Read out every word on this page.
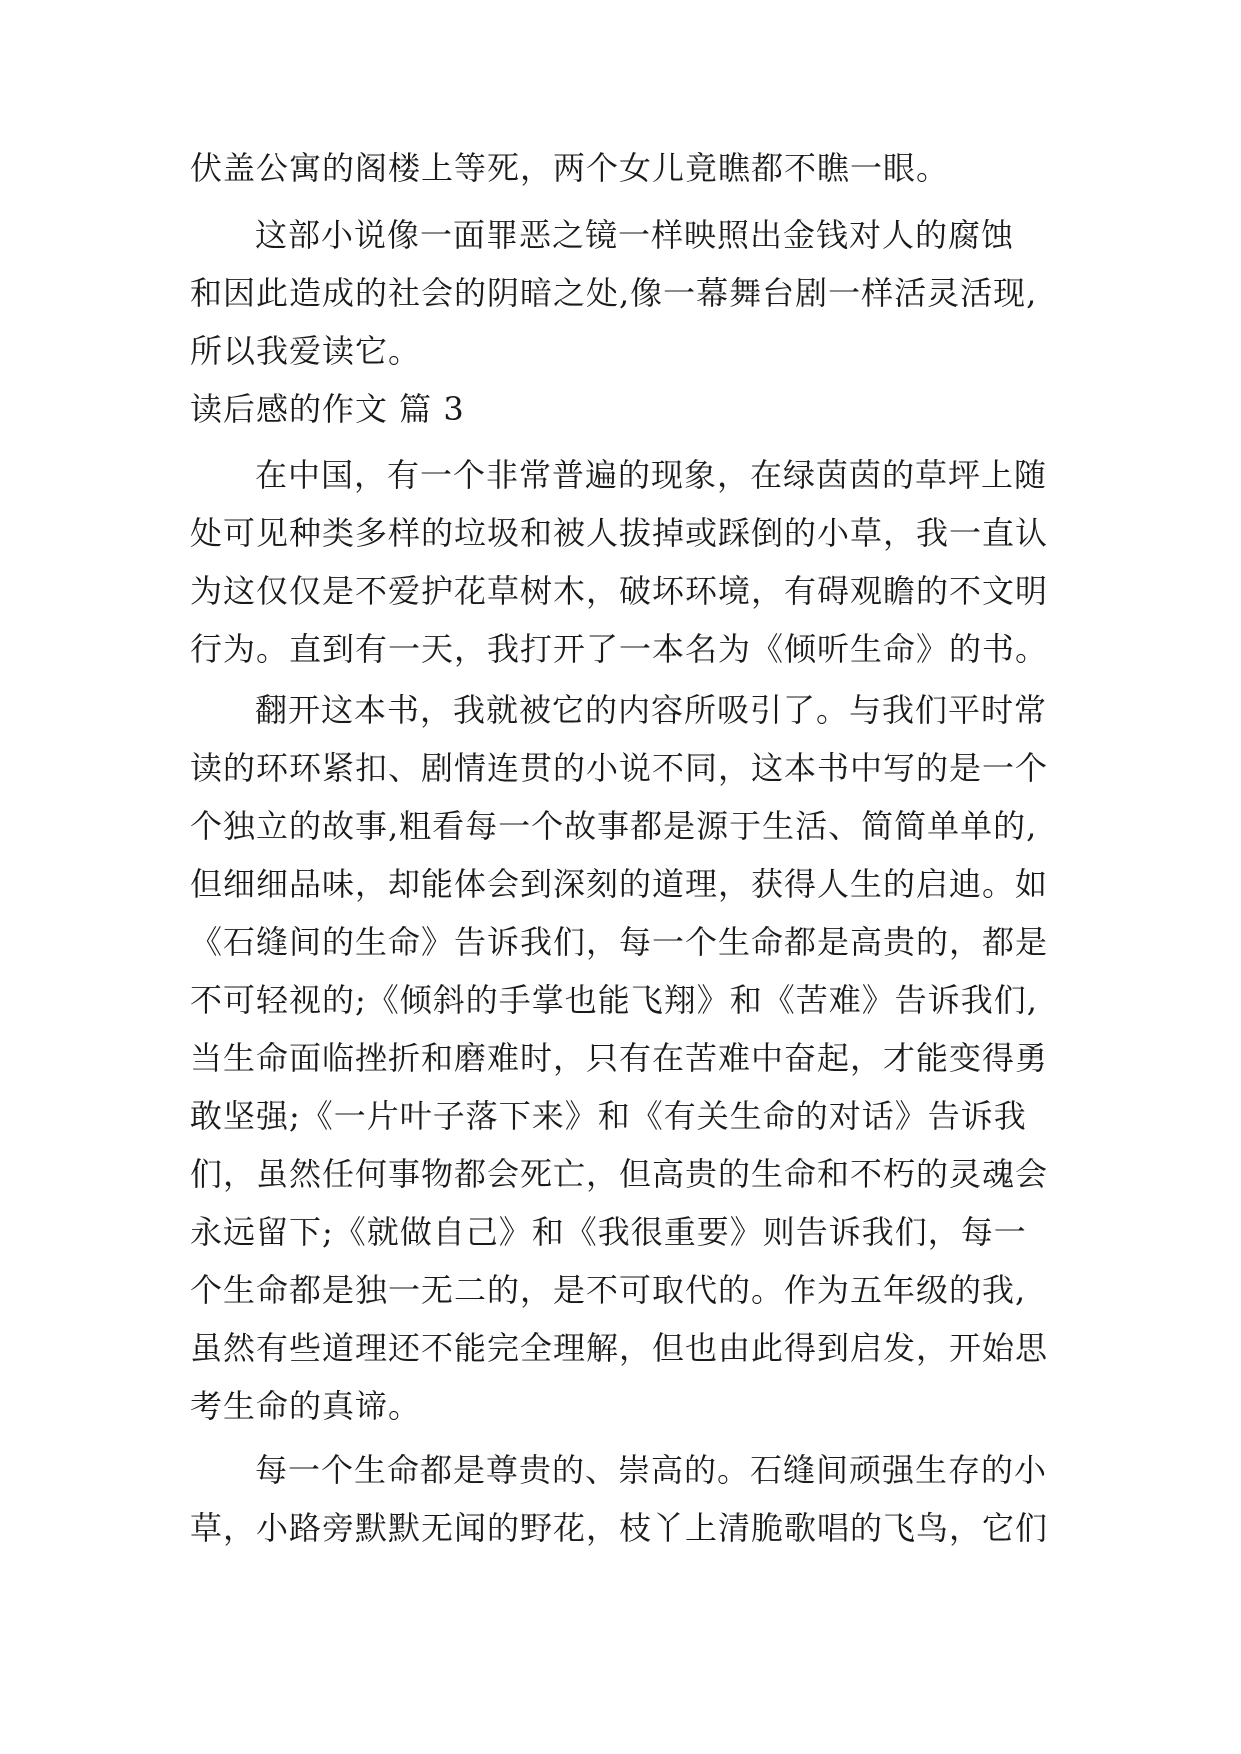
伏盖公寓的阁楼上等死，两个女儿竟瞧都不瞧一眼。
这部小说像一面罪恶之镜一样映照出金钱对人的腐蚀
和因此造成的社会的阴暗之处,像一幕舞台剧一样活灵活现,
所以我爱读它。
读后感的作文 篇 3
在中国，有一个非常普遍的现象，在绿茵茵的草坪上随
处可见种类多样的垃圾和被人拔掉或踩倒的小草，我一直认
为这仅仅是不爱护花草树木，破坏环境，有碍观瞻的不文明
行为。直到有一天，我打开了一本名为《倾听生命》的书。
翻开这本书，我就被它的内容所吸引了。与我们平时常
读的环环紧扣、剧情连贯的小说不同，这本书中写的是一个
个独立的故事,粗看每一个故事都是源于生活、简简单单的,
但细细品味，却能体会到深刻的道理，获得人生的启迪。如
《石缝间的生命》告诉我们，每一个生命都是高贵的，都是
不可轻视的;《倾斜的手掌也能飞翔》和《苦难》告诉我们,
当生命面临挫折和磨难时，只有在苦难中奋起，才能变得勇
敢坚强;《一片叶子落下来》和《有关生命的对话》告诉我
们，虽然任何事物都会死亡，但高贵的生命和不朽的灵魂会
永远留下;《就做自己》和《我很重要》则告诉我们，每一
个生命都是独一无二的，是不可取代的。作为五年级的我,
虽然有些道理还不能完全理解，但也由此得到启发，开始思
考生命的真谛。
每一个生命都是尊贵的、崇高的。石缝间顽强生存的小
草，小路旁默默无闻的野花，枝丫上清脆歌唱的飞鸟，它们
